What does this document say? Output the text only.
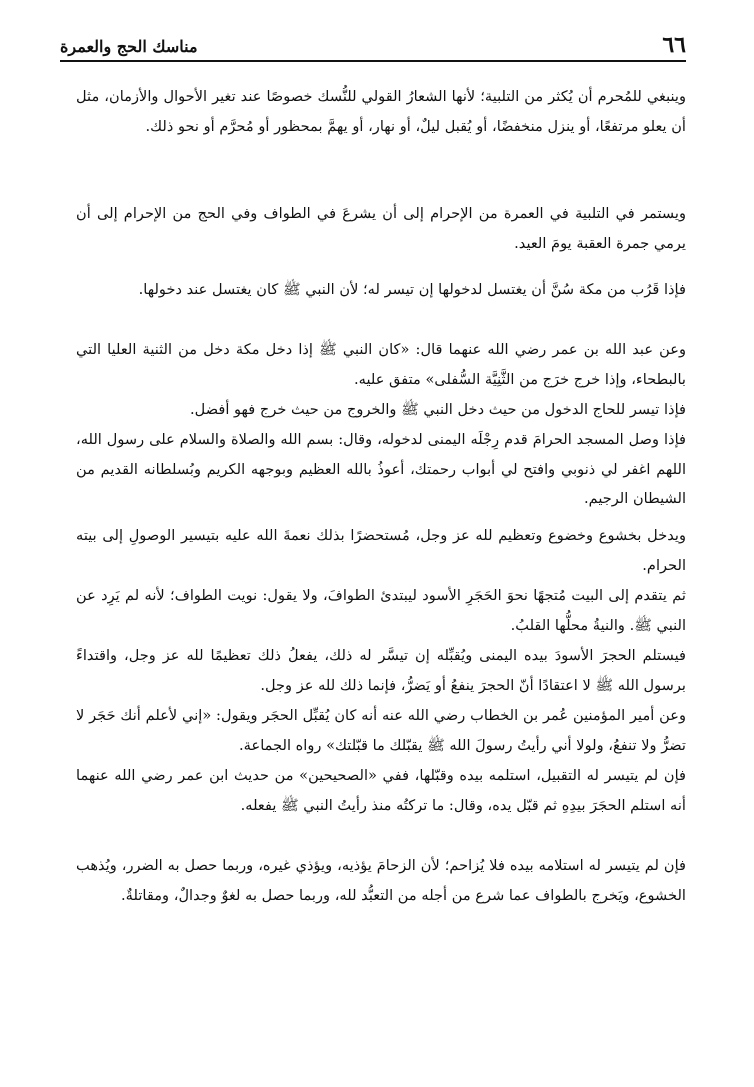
٦٦
مناسك الحج والعمرة

وينبغي للمُحرم أن يُكثر من التلبية؛ لأنها الشعارُ القولي للنُّسك خصوصًا عند تغير الأحوال والأزمان، مثل أن يعلو مرتفعًا، أو ينزل منخفضًا، أو يُقبل ليلٌ، أو نهار، أو يهمَّ بمحظور أو مُحرَّم أو نحو ذلك.

ويستمر في التلبية في العمرة من الإحرام إلى أن يشرعَ في الطواف وفي الحج من الإحرام إلى أن يرمي جمرة العقبة يومَ العيد.

فإذا قَرُب من مكة سُنَّ أن يغتسل لدخولها إن تيسر له؛ لأن النبي ﷺ كان يغتسل عند دخولها.

وعن عبد الله بن عمر رضي الله عنهما قال: «كان النبي ﷺ إذا دخل مكة دخل من الثنية العليا التي بالبطحاء، وإذا خرج خرَج من الثَّنِيَّة السُّفلى» متفق عليه.

فإذا تيسر للحاج الدخول من حيث دخل النبي ﷺ والخروج من حيث خرج فهو أفضل.

فإذا وصل المسجد الحرامَ قدم رِجْلَه اليمنى لدخوله، وقال: بسم الله والصلاة والسلام على رسول الله، اللهم اغفر لي ذنوبي وافتح لي أبواب رحمتك، أعوذُ بالله العظيم وبوجهه الكريم وبُسلطانه القديم من الشيطان الرجيم.

ويدخل بخشوع وخضوع وتعظيم لله عز وجل، مُستحضرًا بذلك نعمةَ الله عليه بتيسير الوصولِ إلى بيته الحرام.

ثم يتقدم إلى البيت مُتجهًا نحوَ الحَجَرِ الأسود ليبتدئ الطوافَ، ولا يقول: نويت الطواف؛ لأنه لم يَرِد عن النبي ﷺ. والنيةُ محلُّها القلبُ.

فيستلم الحجرَ الأسودَ بيده اليمنى ويُقبِّله إن تيسَّر له ذلك، يفعلُ ذلك تعظيمًا لله عز وجل، واقتداءً برسول الله ﷺ لا اعتقادًا أنّ الحجرَ ينفعُ أو يَضرُّ، فإنما ذلك لله عز وجل.

وعن أمير المؤمنين عُمر بن الخطاب رضي الله عنه أنه كان يُقبِّل الحجَر ويقول: «إني لأعلم أنك حَجَر لا تضرُّ ولا تنفعُ، ولولا أني رأيتُ رسولَ الله ﷺ يقبّلك ما قبّلتك» رواه الجماعة.

فإن لم يتيسر له التقبيل، استلمه بيده وقبّلها، ففي «الصحيحين» من حديث ابن عمر رضي الله عنهما أنه استلم الحجَرَ بيدِهِ ثم قبّل يده، وقال: ما تركتُه منذ رأيتُ النبي ﷺ يفعله.

فإن لم يتيسر له استلامه بيده فلا يُزاحم؛ لأن الزحامَ يؤذيه، ويؤذي غيره، وربما حصل به الضرر، ويُذهب الخشوع، ويَخرج بالطواف عما شرع من أجله من التعبُّد لله، وربما حصل به لغوٌ وجدالٌ، ومقاتلةٌ.
